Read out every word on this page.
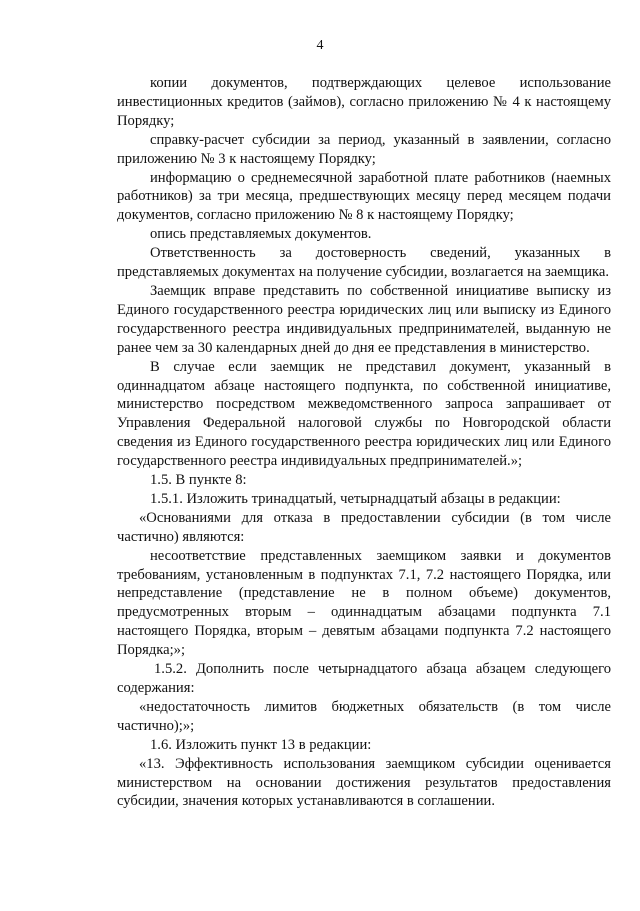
4

копии документов, подтверждающих целевое использование инвестиционных кредитов (займов), согласно приложению № 4 к настоящему Порядку;

справку-расчет субсидии за период, указанный в заявлении, согласно приложению № 3 к настоящему Порядку;

информацию о среднемесячной заработной плате работников (наемных работников) за три месяца, предшествующих месяцу перед месяцем подачи документов, согласно приложению № 8 к настоящему Порядку;

опись представляемых документов.

Ответственность за достоверность сведений, указанных в представляемых документах на получение субсидии, возлагается на заемщика.

Заемщик вправе представить по собственной инициативе выписку из Единого государственного реестра юридических лиц или выписку из Единого государственного реестра индивидуальных предпринимателей, выданную не ранее чем за 30 календарных дней до дня ее представления в министерство.

В случае если заемщик не представил документ, указанный в одиннадцатом абзаце настоящего подпункта, по собственной инициативе, министерство посредством межведомственного запроса запрашивает от Управления Федеральной налоговой службы по Новгородской области сведения из Единого государственного реестра юридических лиц или Единого государственного реестра индивидуальных предпринимателей.»;

1.5. В пункте 8:

1.5.1. Изложить тринадцатый, четырнадцатый абзацы в редакции:

«Основаниями для отказа в предоставлении субсидии (в том числе частично) являются:

несоответствие представленных заемщиком заявки и документов требованиям, установленным в подпунктах 7.1, 7.2 настоящего Порядка, или непредставление (представление не в полном объеме) документов, предусмотренных вторым – одиннадцатым абзацами подпункта 7.1 настоящего Порядка, вторым – девятым абзацами подпункта 7.2 настоящего Порядка;»;

1.5.2. Дополнить после четырнадцатого абзаца абзацем следующего содержания:

«недостаточность лимитов бюджетных обязательств (в том числе частично);»;

1.6. Изложить пункт 13 в редакции:

«13. Эффективность использования заемщиком субсидии оценивается министерством на основании достижения результатов предоставления субсидии, значения которых устанавливаются в соглашении.
